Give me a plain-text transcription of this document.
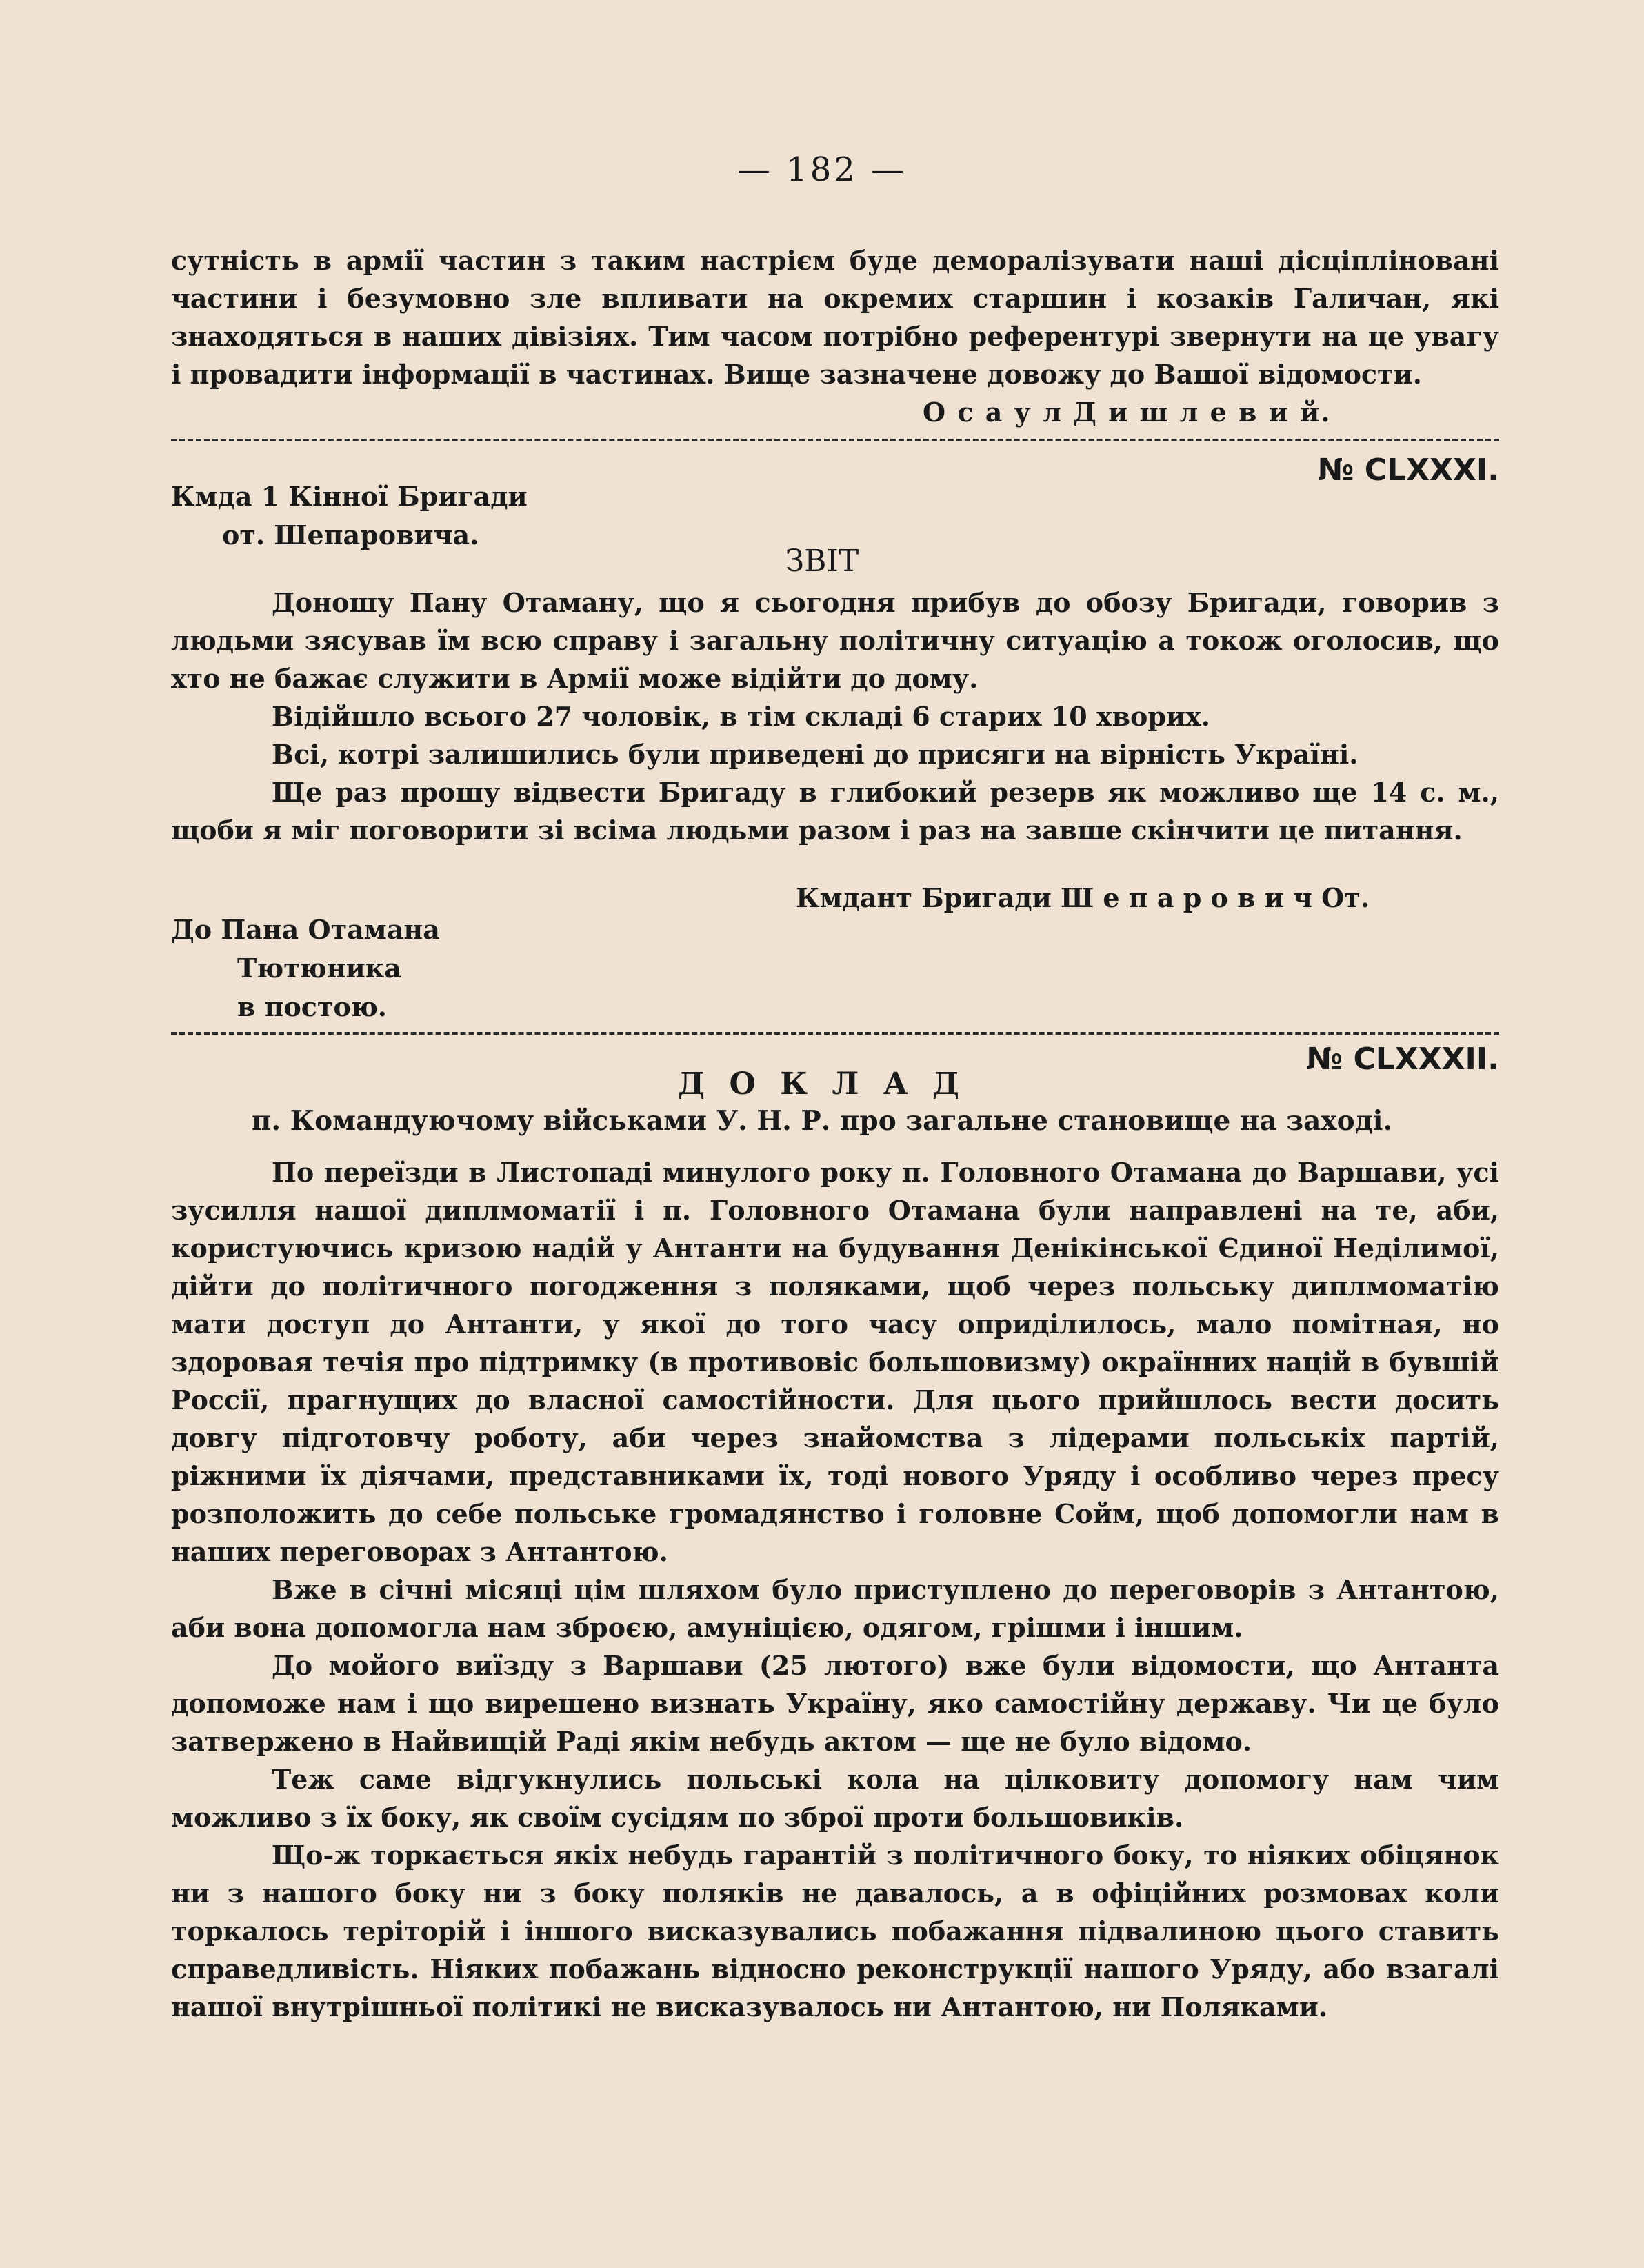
— 182 —

сутність в армії частин з таким настрієм буде деморалізувати наші дісціпліновані частини і безумовно зле впливати на окремих старшин і козаків Галичан, які знаходяться в наших дівізіях. Тим часом потрібно референтурі звернути на це увагу і провадити інформації в частинах. Вище зазначене довожу до Вашої відомости.

О с а у л Д и ш л е в и й.
№ CLXXXI.
Кмда 1 Кінної Бригади
от. Шепаровича.
ЗВІТ

Доношу Пану Отаману, що я сьогодня прибув до обозу Бригади, говорив з людьми зясував їм всю справу і загальну політичну ситуацію а токож оголосив, що хто не бажає служити в Армії може відійти до дому.

Відійшло всього 27 чоловік, в тім складі 6 старих 10 хворих.

Всі, котрі залишились були приведені до присяги на вірність Україні.

Ще раз прошу відвести Бригаду в глибокий резерв як можливо ще 14 с. м., щоби я міг поговорити зі всіма людьми разом і раз на завше скінчити це питання.

Кмдант Бригади Ш е п а р о в и ч От.
До Пана Отамана
Тютюника
в постою.
№ CLXXXII.
Д О К Л А Д
п. Командуючому військами У. Н. Р. про загальне становище на заході.

По переїзди в Листопаді минулого року п. Головного Отамана до Варшави, усі зусилля нашої диплмоматії і п. Головного Отамана були направлені на те, аби, користуючись кризою надій у Антанти на будування Денікінської Єдиної Неділимої, дійти до політичного погодження з поляками, щоб через польську диплмоматію мати доступ до Антанти, у якої до того часу оприділилось, мало помітная, но здоровая течія про підтримку (в противовіс большовизму) окраїнних націй в бувшій Россії, прагнущих до власної самостійности. Для цього прийшлось вести досить довгу підготовчу роботу, аби через знайомства з лідерами польськіх партій, ріжними їх діячами, представниками їх, тоді нового Уряду і особливо через пресу розположить до себе польське громадянство і головне Сойм, щоб допомогли нам в наших переговорах з Антантою.

Вже в січні місяці цім шляхом було приступлено до переговорів з Антантою, аби вона допомогла нам зброєю, амуніцією, одягом, грішми і іншим.

До мойого виїзду з Варшави (25 лютого) вже були відомости, що Антанта допоможе нам і що вирешено визнать Україну, яко самостійну державу. Чи це було затвержено в Найвищій Раді якім небудь актом — ще не було відомо.

Теж саме відгукнулись польські кола на цілковиту допомогу нам чим можливо з їх боку, як своїм сусідям по зброї проти большовиків.

Що-ж торкається якіх небудь гарантій з політичного боку, то ніяких обіцянок ни з нашого боку ни з боку поляків не давалось, а в офіційних розмовах коли торкалось теріторій і іншого висказувались побажання підвалиною цього ставить справедливість. Ніяких побажань відносно реконструкції нашого Уряду, або взагалі нашої внутрішньої політикі не висказувалось ни Антантою, ни Поляками.
